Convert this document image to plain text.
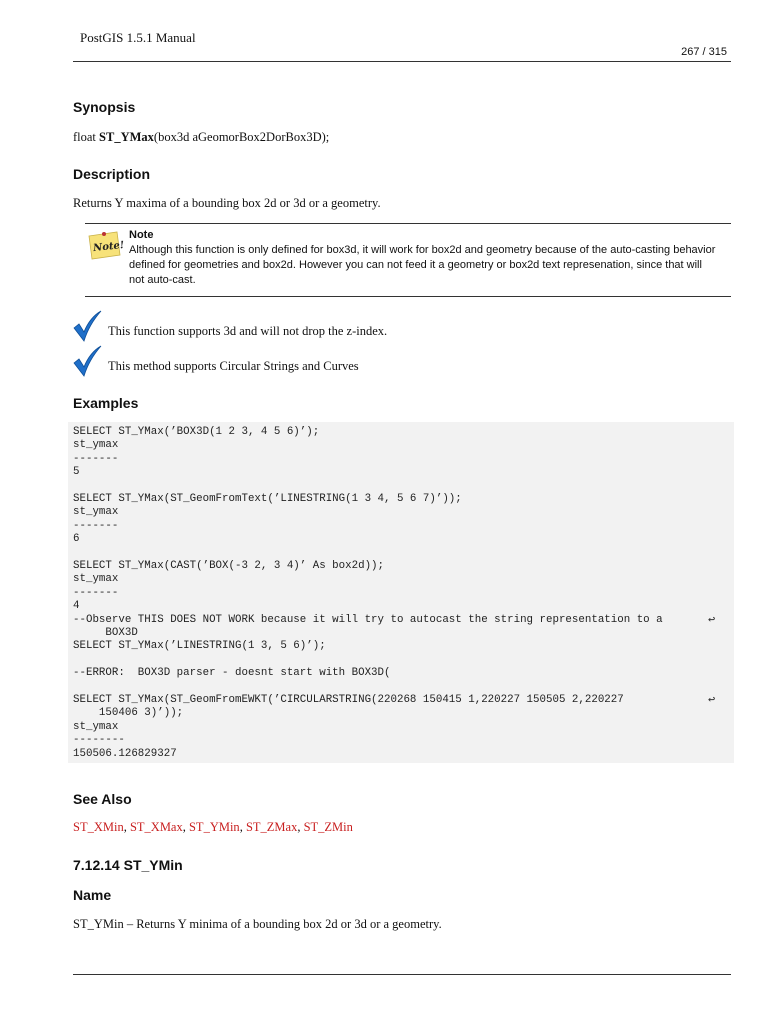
PostGIS 1.5.1 Manual
267 / 315
Synopsis
float ST_YMax(box3d aGeomorBox2DorBox3D);
Description
Returns Y maxima of a bounding box 2d or 3d or a geometry.
Note!
Note
Although this function is only defined for box3d, it will work for box2d and geometry because of the auto-casting behavior
defined for geometries and box2d. However you can not feed it a geometry or box2d text represenation, since that will
not auto-cast.
This function supports 3d and will not drop the z-index.
This method supports Circular Strings and Curves
Examples
SELECT ST_YMax(’BOX3D(1 2 3, 4 5 6)’);
st_ymax
-------
5
SELECT ST_YMax(ST_GeomFromText(’LINESTRING(1 3 4, 5 6 7)’));
st_ymax
-------
6
SELECT ST_YMax(CAST(’BOX(-3 2, 3 4)’ As box2d));
st_ymax
-------
4
--Observe THIS DOES NOT WORK because it will try to autocast the string representation to a
BOX3D
SELECT ST_YMax(’LINESTRING(1 3, 5 6)’);
--ERROR:  BOX3D parser - doesnt start with BOX3D(
SELECT ST_YMax(ST_GeomFromEWKT(’CIRCULARSTRING(220268 150415 1,220227 150505 2,220227
150406 3)’));
st_ymax
--------
150506.126829327
↩
↩
See Also
ST_XMin, ST_XMax, ST_YMin, ST_ZMax, ST_ZMin
7.12.14 ST_YMin
Name
ST_YMin – Returns Y minima of a bounding box 2d or 3d or a geometry.
